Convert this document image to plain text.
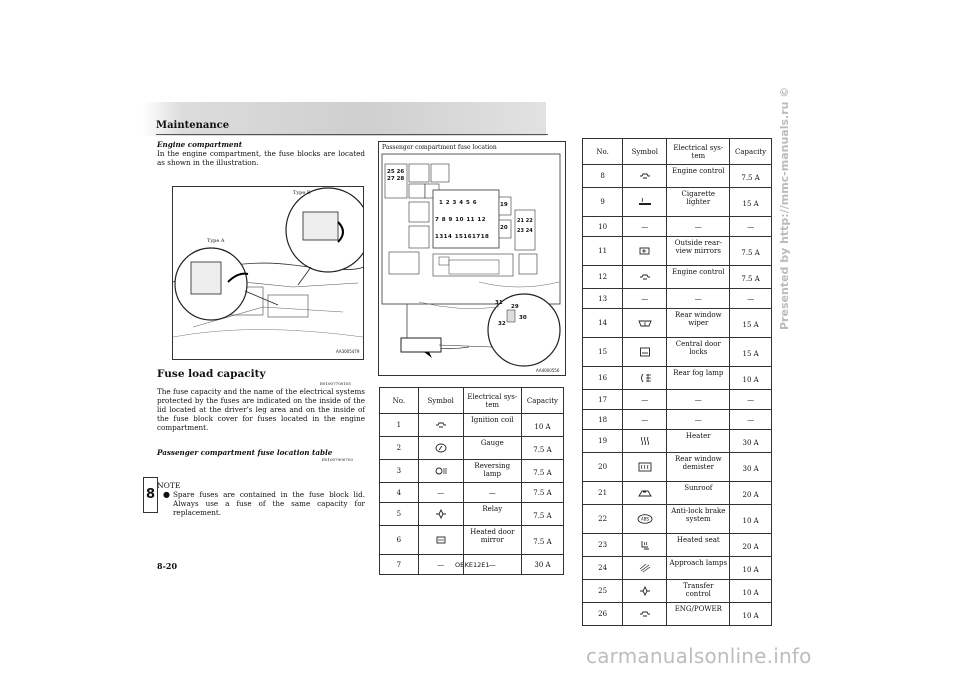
Maintenance
Engine compartment

In the engine compartment, the fuse blocks are located as shown in the illustration.

Type B
Type A
AA3005479
Fuse load capacity
E01007700105
The fuse capacity and the name of the electrical systems protected by the fuses are indicated on the inside of the lid located at the driver’s leg area and on the inside of the fuse block cover for fuses located in the engine compartment.
Passenger compartment fuse location table
E01007900703
NOTE
● Spare fuses are contained in the fuse block lid. Always use a fuse of the same capacity for replacement.
8
8-20	OBKE12E1
Passenger compartment fuse location
25 26
27 28
1 2 3 4 5 6
7 8 9 10 11 12
1314 15161718
19
20
21 22
23 24
29
30
31
32
AA4000556
No.	Symbol	Electrical sys-tem	Capacity
1		Ignition coil	10 A
2		Gauge	7.5 A
3		Reversing lamp	7.5 A
4	—	—	7.5 A
5		Relay	7.5 A
6		Heated door mirror	7.5 A
7	—	—	30 A
No.	Symbol	Electrical sys-tem	Capacity
8		Engine control	7.5 A
9		Cigarette lighter	15 A
10	—	—	—
11		Outside rear-view mirrors	7.5 A
12		Engine control	7.5 A
13	—	—	—
14		Rear window wiper	15 A
15		Central door locks	15 A
16		Rear fog lamp	10 A
17	—	—	—
18	—	—	—
19		Heater	30 A
20		Rear window demister	30 A
21		Sunroof	20 A
22	ABS	Anti-lock brake system	10 A
23		Heated seat	20 A
24		Approach lamps	10 A
25		Transfer control	10 A
26		ENG/POWER	10 A
Presented by http://mmc-manuals.ru ©
carmanualsonline.info
